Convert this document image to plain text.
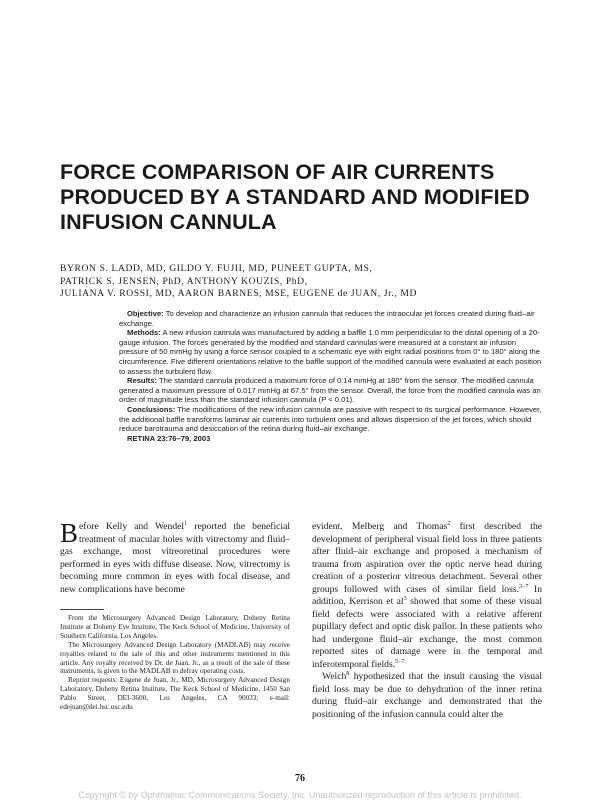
FORCE COMPARISON OF AIR CURRENTS PRODUCED BY A STANDARD AND MODIFIED INFUSION CANNULA
BYRON S. LADD, MD, GILDO Y. FUJII, MD, PUNEET GUPTA, MS,
PATRICK S. JENSEN, PhD, ANTHONY KOUZIS, PhD,
JULIANA V. ROSSI, MD, AARON BARNES, MSE, EUGENE de JUAN, Jr., MD

Objective: To develop and characterize an infusion cannula that reduces the intraocular jet forces created during fluid–air exchange.

Methods: A new infusion cannula was manufactured by adding a baffle 1.0 mm perpendicular to the distal opening of a 20-gauge infusion. The forces generated by the modified and standard cannulas were measured at a constant air infusion pressure of 50 mmHg by using a force sensor coupled to a schematic eye with eight radial positions from 0° to 180° along the circumference. Five different orientations relative to the baffle support of the modified cannula were evaluated at each position to assess the turbulent flow.

Results: The standard cannula produced a maximum force of 0.14 mmHg at 180° from the sensor. The modified cannula generated a maximum pressure of 0.017 mmHg at 67.5° from the sensor. Overall, the force from the modified cannula was an order of magnitude less than the standard infusion cannula (P < 0.01).

Conclusions: The modifications of the new infusion cannula are passive with respect to its surgical performance. However, the additional baffle transforms laminar air currents into turbulent ones and allows dispersion of the jet forces, which should reduce barotrauma and desiccation of the retina during fluid–air exchange.

RETINA 23:76–79, 2003

Before Kelly and Wendel$^1$ reported the beneficial treatment of macular holes with vitrectomy and fluid–gas exchange, most vitreoretinal procedures were performed in eyes with diffuse disease. Now, vitrectomy is becoming more common in eyes with focal disease, and new complications have become

From the Microsurgery Advanced Design Laboratory, Doheny Retina Institute at Doheny Eye Institute, The Keck School of Medicine, University of Southern California, Los Angeles.

The Microsurgery Advanced Design Laboratory (MADLAB) may receive royalties related to the sale of this and other instruments mentioned in this article. Any royalty received by Dr. de Juan, Jr., as a result of the sale of these instruments, is given to the MADLAB to defray operating costs.

Reprint requests: Eugene de Juan, Jr., MD, Microsurgery Advanced Design Laboratory, Doheny Retina Institute, The Keck School of Medicine, 1450 San Pablo Street, DEI-3600, Los Angeles, CA 90033; e-mail: edejuan@dei.hsc.usc.edu

evident. Melberg and Thomas$^2$ first described the development of peripheral visual field loss in three patients after fluid–air exchange and proposed a mechanism of trauma from aspiration over the optic nerve head during creation of a posterior vitreous detachment. Several other groups followed with cases of similar field loss.$^{3-7}$ In addition, Kerrison et $al^3$ showed that some of these visual field defects were associated with a relative afferent pupillary defect and optic disk pallor. In these patients who had undergone fluid–air exchange, the most common reported sites of damage were in the temporal and inferotemporal fields.$^{5-7}$

Welch$^8$ hypothesized that the insult causing the visual field loss may be due to dehydration of the inner retina during fluid–air exchange and demonstrated that the positioning of the infusion cannula could alter the

76
Copyright © by Ophthalmic Communications Society, Inc. Unauthorized reproduction of this article is prohibited.
